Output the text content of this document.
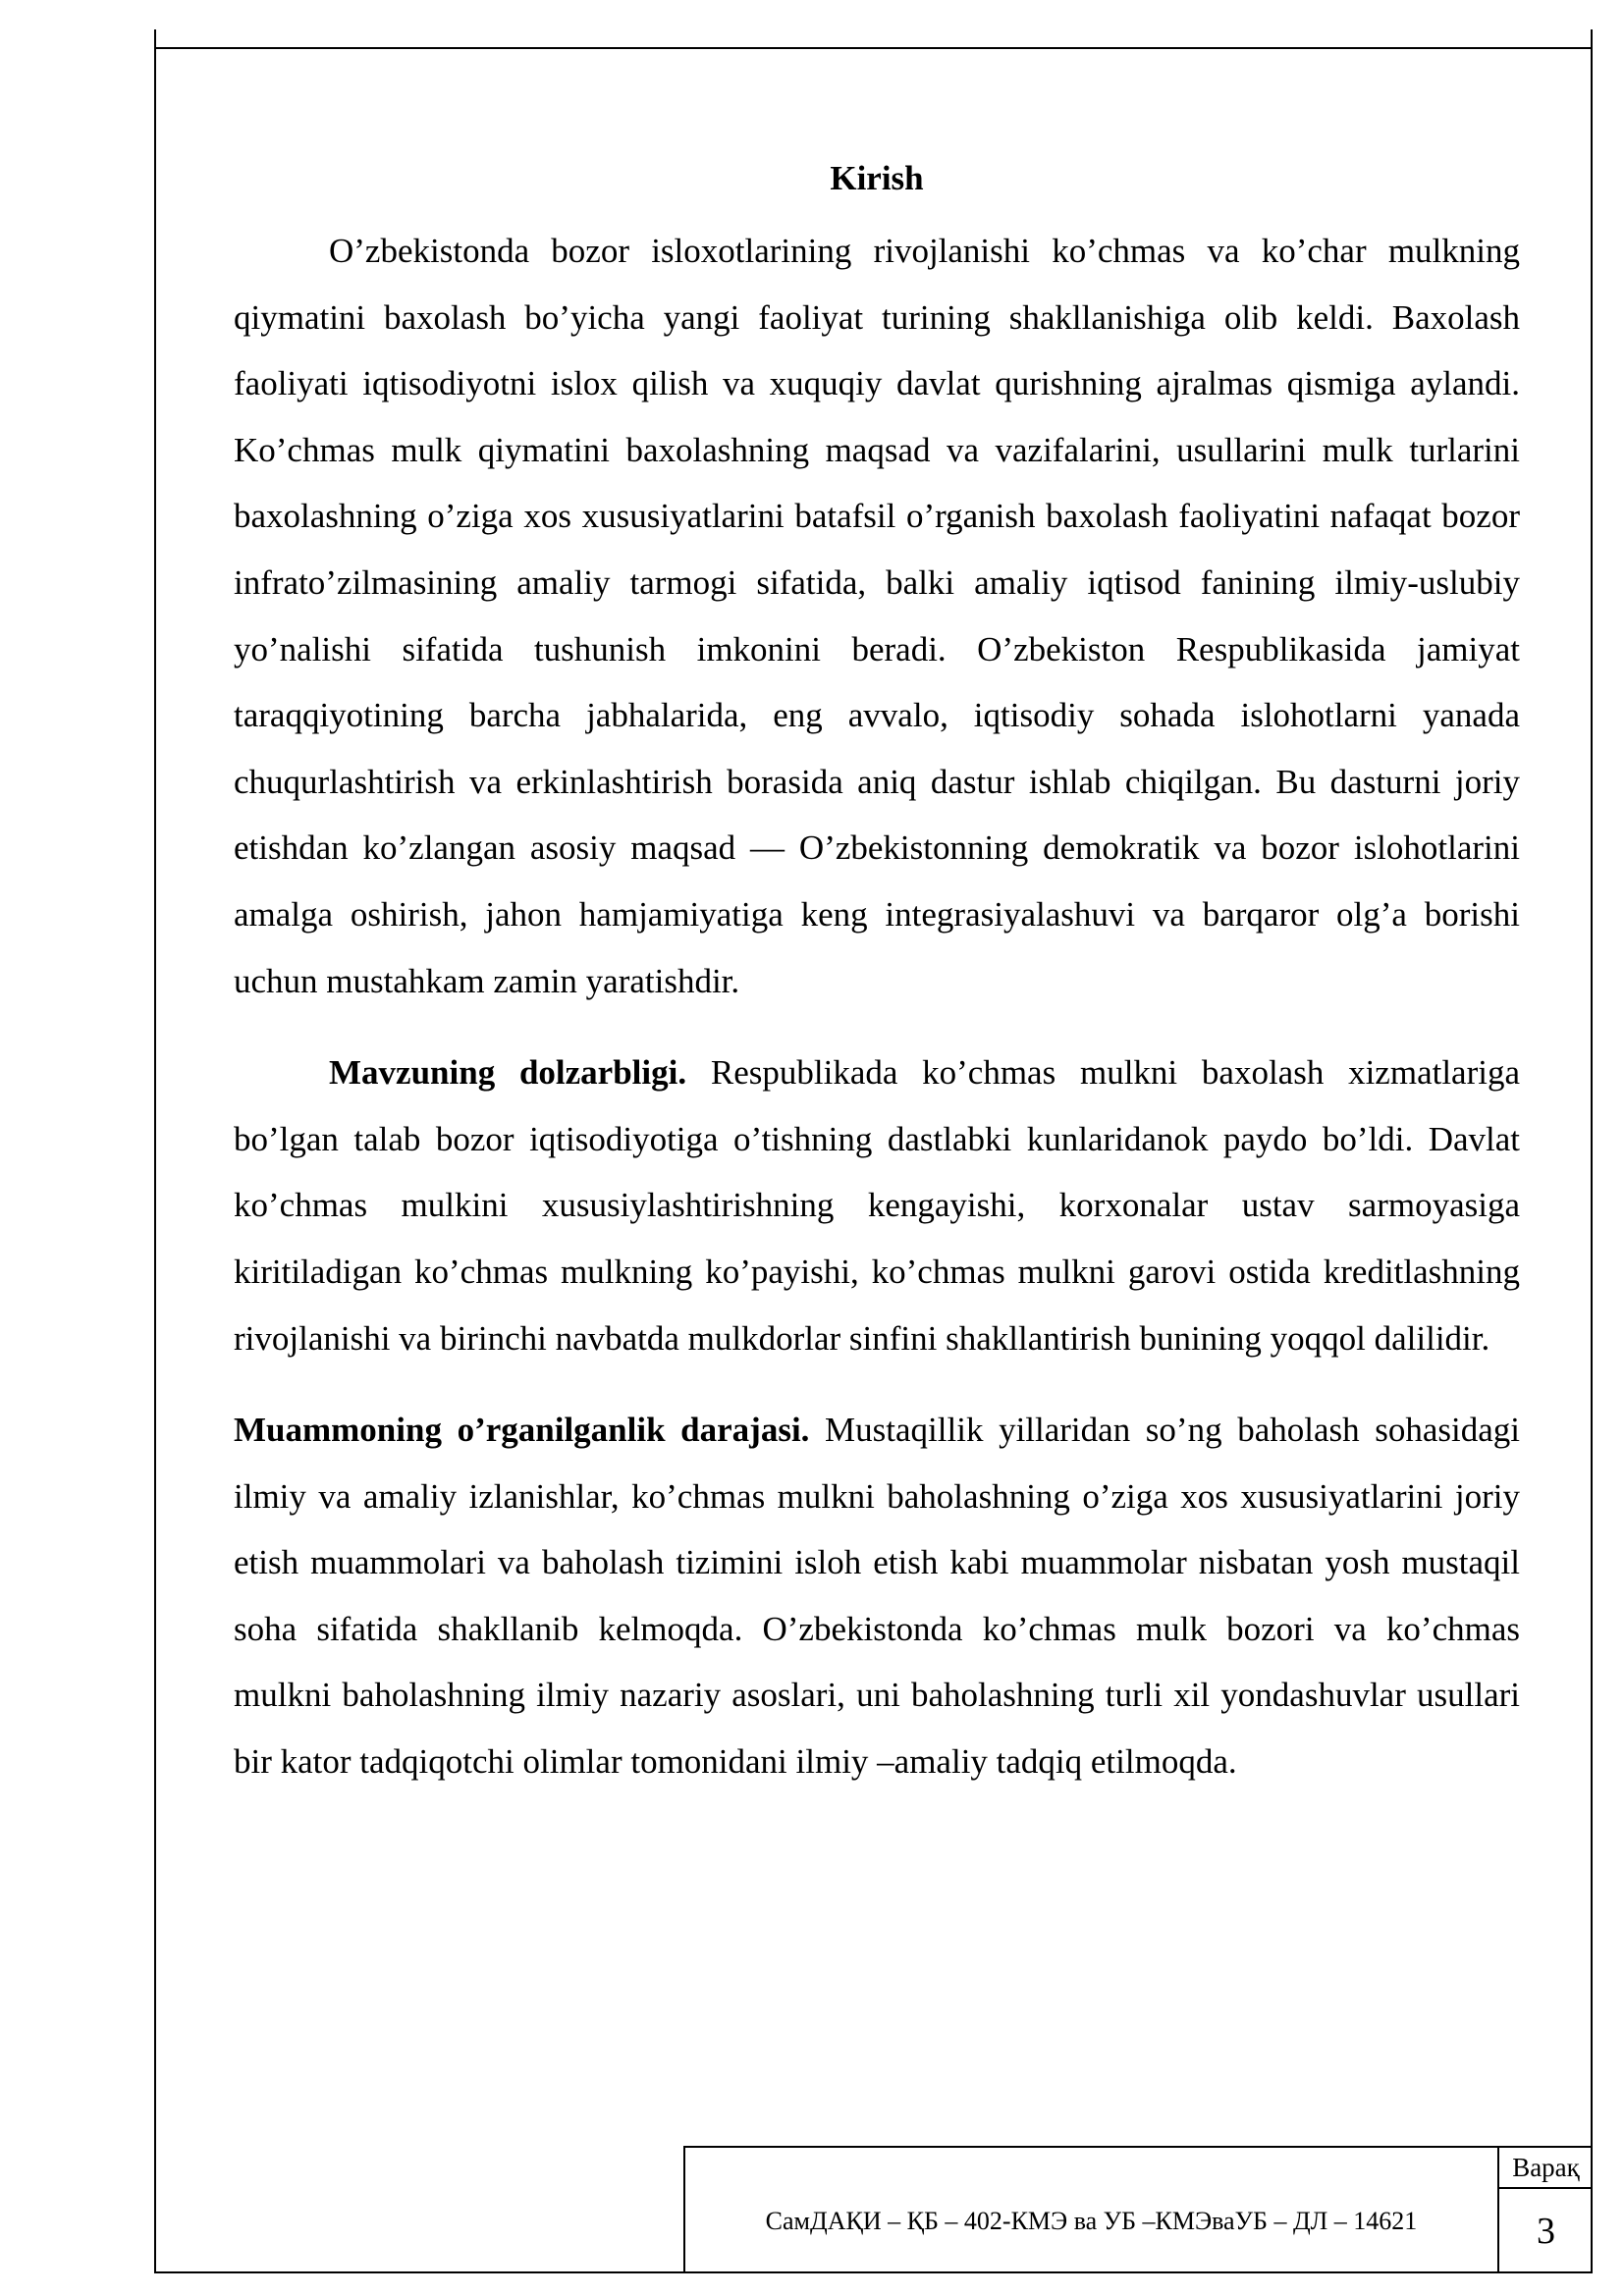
Kirish

O’zbekistonda bozor isloxotlarining rivojlanishi ko’chmas va ko’char mulkning qiymatini baxolash bo’yicha yangi faoliyat turining shakllanishiga olib keldi. Baxolash faoliyati iqtisodiyotni islox qilish va xuquqiy davlat qurishning ajralmas qismiga aylandi. Ko’chmas mulk qiymatini baxolashning maqsad va vazifalarini, usullarini mulk turlarini baxolashning o’ziga xos xususiyatlarini batafsil o’rganish baxolash faoliyatini nafaqat bozor infrato’zilmasining amaliy tarmogi sifatida, balki amaliy iqtisod fanining ilmiy-uslubiy yo’nalishi sifatida tushunish imkonini beradi. O’zbekiston Respublikasida jamiyat taraqqiyotining barcha jabhalarida, eng avvalo, iqtisodiy sohada islohotlarni yanada chuqurlashtirish va erkinlashtirish borasida aniq dastur ishlab chiqilgan. Bu dasturni joriy etishdan ko’zlangan asosiy maqsad — O’zbekistonning demokratik va bozor islohotlarini amalga oshirish, jahon hamjamiyatiga keng integrasiyalashuvi va barqaror olg’a borishi uchun mustahkam zamin yaratishdir.

Mavzuning dolzarbligi. Respublikada ko’chmas mulkni baxolash xizmatlariga bo’lgan talab bozor iqtisodiyotiga o’tishning dastlabki kunlaridanok paydo bo’ldi. Davlat ko’chmas mulkini xususiylashtirishning kengayishi, korxonalar ustav sarmoyasiga kiritiladigan ko’chmas mulkning ko’payishi, ko’chmas mulkni garovi ostida kreditlashning rivojlanishi va birinchi navbatda mulkdorlar sinfini shakllantirish bunining yoqqol dalilidir.

Muammoning o’rganilganlik darajasi. Mustaqillik yillaridan so’ng baholash sohasidagi ilmiy va amaliy izlanishlar, ko’chmas mulkni baholashning o’ziga xos xususiyatlarini joriy etish muammolari va baholash tizimini isloh etish kabi muammolar nisbatan yosh mustaqil soha sifatida shakllanib kelmoqda. O’zbekistonda ko’chmas mulk bozori va ko’chmas mulkni baholashning ilmiy nazariy asoslari, uni baholashning turli xil yondashuvlar usullari bir kator tadqiqotchi olimlar tomonidani ilmiy –amaliy tadqiq etilmoqda.

СамДАҚИ – ҚБ – 402-КМЭ ва УБ –КМЭваУБ – ДЛ – 14621
Варақ
3
